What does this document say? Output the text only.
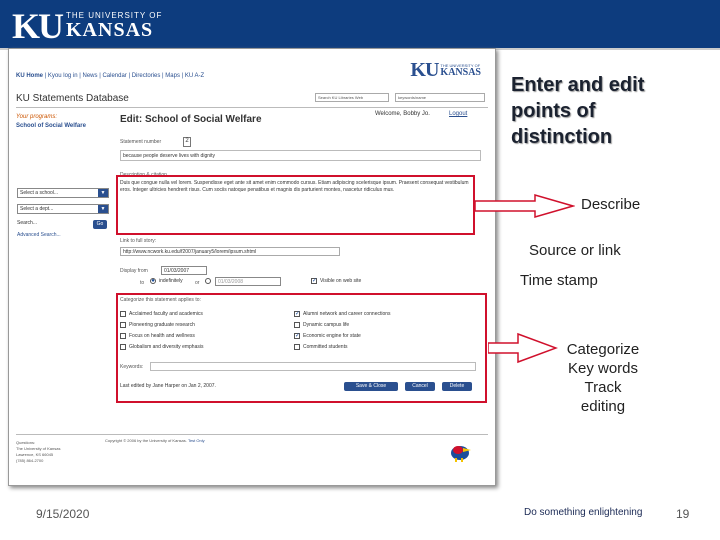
KU THE UNIVERSITY OF
KANSAS
KU Home | Kyou log in | News | Calendar | Directories | Maps | KU A-Z	KU THE UNIVERSITY OF
KANSAS
KU Statements Database	Search KU Libraries Web	keywords/name
Your programs:
School of Social Welfare
Welcome, Bobby Jo.	Logout
Edit: School of Social Welfare
Statement number	2
because people deserve lives with dignity
Select a school...	▼
Select a dept...	▼
Search...	Go
Advanced Search...
Description & citation
Duis que congue nulla vel lorem. Suspendisse eget ante sit amet enim commodo cursus. Etiam adipiscing scelerisque ipsum. Praesent consequat vestibulum eros. Integer ultricies hendrerit risus. Cum sociis natoque penatibus et magnis dis parturient montes, nascetur ridiculus mus.
Link to full story:
http://www.ncwork.ku.edu/f2007/january5/lorem/ipsum.shtml
Display from	01/03/2007
to ● indefinitely or	01/03/2008	✓ Visible on web site
Categorize this statement applies to:
Acclaimed faculty and academics
Pioneering graduate research
Focus on health and wellness
Globalism and diversity emphasis
✓ Alumni network and career connections
Dynamic campus life
✓ Economic engine for state
Committed students
Keywords:
Last edited by Jane Harper on Jan 2, 2007.	Save & Close	Cancel	Delete
Questions:
The University of Kansas
Lawrence, KS 66045
(785) 864-2700
Copyright © 2006 by the University of Kansas. Test Only
Enter and edit
points of
distinction
Describe
Source or link
Time stamp
Categorize
Key words
Track
editing
9/15/2020	Do something enlightening	19
